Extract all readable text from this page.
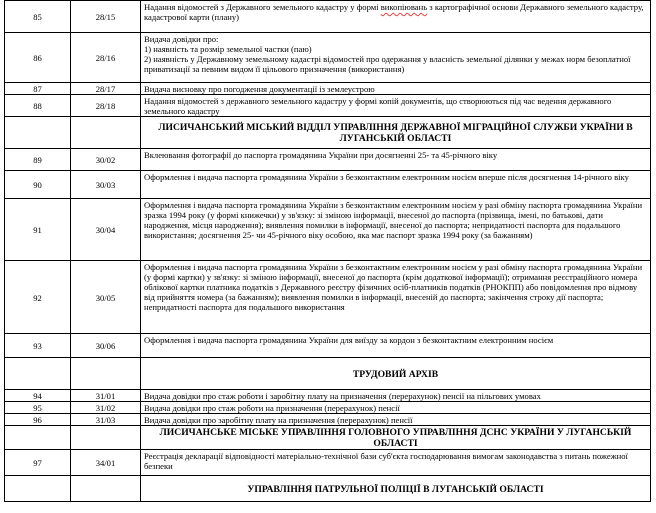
85	28/15	Надання відомостей з Державного земельного кадастру у формі викопіювань з картографічної основи Державного земельного кадастру, кадастрової карти (плану)
86	28/16	Видача довідки про:
1) наявність та розмір земельної частки (паю)
2) наявність у Державному земельному кадастрі відомостей про одержання у власність земельної ділянки у межах норм безоплатної приватизації за певним видом її цільового призначення (використання)

87	28/17	Видача висновку про погодження документації із землеустрою
88	28/18	Надання відомостей з державного земельного кадастру у формі копій документів, що створюються під час ведення державного земельного кадастру
		ЛИСИЧАНСЬКИЙ МІСЬКИЙ ВІДДІЛ УПРАВЛІННЯ ДЕРЖАВНОЇ МІГРАЦІЙНОЇ СЛУЖБИ УКРАЇНИ В ЛУГАНСЬКІЙ ОБЛАСТІ
89	30/02	Вклеювання фотографії до паспорта громадянина України при досягненні 25- та 45-річного віку
90	30/03	Оформлення і видача паспорта громадянина України з безконтактним електронним носієм вперше після досягнення 14-річного віку
91	30/04	Оформлення і видача паспорта громадянина України з безконтактним електронним носієм у разі обміну паспорта громадянина України зразка 1994 року (у формі книжечки) у зв'язку: зі зміною інформації, внесеної до паспорта (прізвища, імені, по батькові, дати народження, місця народження); виявлення помилки в інформації, внесеної до паспорта; непридатності паспорта для подальшого використання; досягнення 25- чи 45-річного віку особою, яка має паспорт зразка 1994 року (за бажанням)
92	30/05	Оформлення і видача паспорта громадянина України з безконтактним електронним носієм у разі обміну паспорта громадянина України (у формі картки) у зв'язку: зі зміною інформації, внесеної до паспорта (крім додаткової інформації); отримання реєстраційного номера облікової картки платника податків з Державного реєстру фізичних осіб-платників податків (РНОКПП) або повідомлення про відмову від прийняття номера (за бажанням); виявлення помилки в інформації, внесеній до паспорта; закінчення строку дії паспорта; непридатності паспорта для подальшого використання
93	30/06	Оформлення і видача паспорта громадянина України для виїзду за кордон з безконтактним електронним носієм
		ТРУДОВИЙ АРХІВ
94	31/01	Видача довідки про стаж роботи і заробітну плату на призначення (перерахунок) пенсії на пільгових умовах
95	31/02	Видача довідки про стаж роботи на призначення (перерахунок) пенсії
96	31/03	Видача довідки про заробітну плату на призначення (перерахунок) пенсії
		ЛИСИЧАНСЬКЕ МІСЬКЕ УПРАВЛІННЯ ГОЛОВНОГО УПРАВЛІННЯ ДСНС УКРАЇНИ У ЛУГАНСЬКІЙ ОБЛАСТІ
97	34/01	Реєстрація декларації відповідності матеріально-технічної бази суб'єкта господарювання вимогам законодавства з питань пожежної безпеки
		УПРАВЛІННЯ ПАТРУЛЬНОЇ ПОЛІЦІЇ В ЛУГАНСЬКІЙ ОБЛАСТІ
